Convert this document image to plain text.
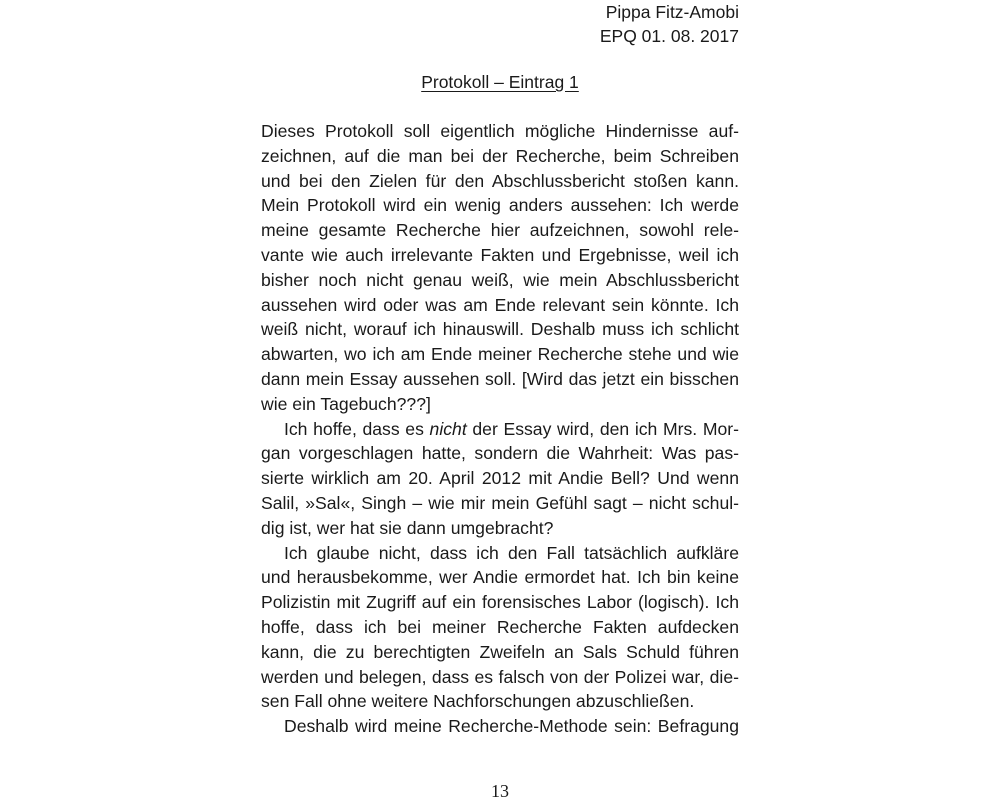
Pippa Fitz-Amobi
EPQ 01. 08. 2017
Protokoll – Eintrag 1
Dieses Protokoll soll eigentlich mögliche Hindernisse auf-
zeichnen, auf die man bei der Recherche, beim Schreiben
und bei den Zielen für den Abschlussbericht stoßen kann.
Mein Protokoll wird ein wenig anders aussehen: Ich werde
meine gesamte Recherche hier aufzeichnen, sowohl rele-
vante wie auch irrelevante Fakten und Ergebnisse, weil ich
bisher noch nicht genau weiß, wie mein Abschlussbericht
aussehen wird oder was am Ende relevant sein könnte. Ich
weiß nicht, worauf ich hinauswill. Deshalb muss ich schlicht
abwarten, wo ich am Ende meiner Recherche stehe und wie
dann mein Essay aussehen soll. [Wird das jetzt ein bisschen
wie ein Tagebuch???]
Ich hoffe, dass es nicht der Essay wird, den ich Mrs. Mor-
gan vorgeschlagen hatte, sondern die Wahrheit: Was pas-
sierte wirklich am 20. April 2012 mit Andie Bell? Und wenn
Salil, »Sal«, Singh – wie mir mein Gefühl sagt – nicht schul-
dig ist, wer hat sie dann umgebracht?
Ich glaube nicht, dass ich den Fall tatsächlich aufkläre
und herausbekomme, wer Andie ermordet hat. Ich bin keine
Polizistin mit Zugriff auf ein forensisches Labor (logisch). Ich
hoffe, dass ich bei meiner Recherche Fakten aufdecken
kann, die zu berechtigten Zweifeln an Sals Schuld führen
werden und belegen, dass es falsch von der Polizei war, die-
sen Fall ohne weitere Nachforschungen abzuschließen.
Deshalb wird meine Recherche-Methode sein: Befragung
13
